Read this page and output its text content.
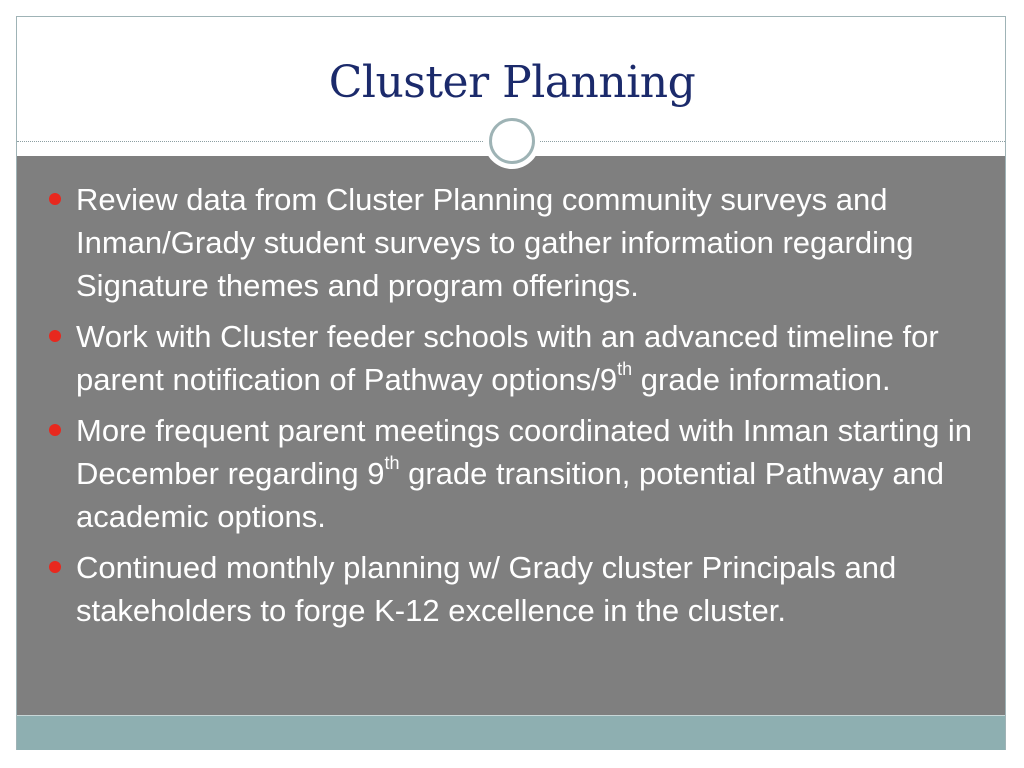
Cluster Planning
Review data from Cluster Planning community surveys and Inman/Grady student surveys to gather information regarding Signature themes and program offerings.
Work with Cluster feeder schools with an advanced timeline for parent notification of Pathway options/9th grade information.
More frequent parent meetings coordinated with Inman starting in December regarding 9th grade transition, potential Pathway and academic options.
Continued monthly planning w/ Grady cluster Principals and stakeholders to forge K-12 excellence in the cluster.
